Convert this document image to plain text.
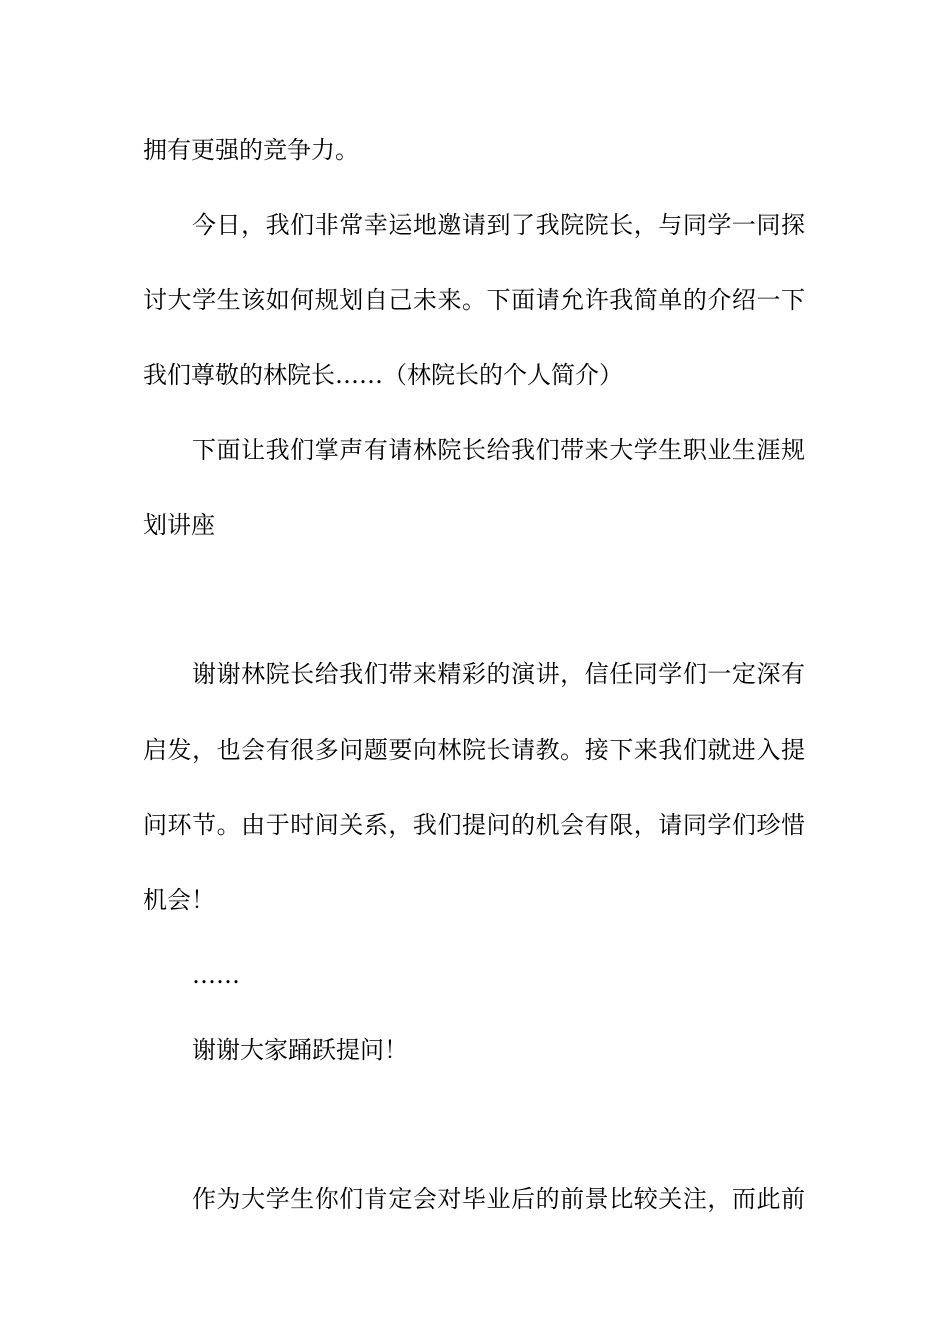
拥有更强的竞争力。
今日，我们非常幸运地邀请到了我院院长，与同学一同探
讨大学生该如何规划自己未来。下面请允许我简单的介绍一下
我们尊敬的林院长……（林院长的个人简介）
下面让我们掌声有请林院长给我们带来大学生职业生涯规
划讲座
谢谢林院长给我们带来精彩的演讲，信任同学们一定深有
启发，也会有很多问题要向林院长请教。接下来我们就进入提
问环节。由于时间关系，我们提问的机会有限，请同学们珍惜
机会！
……
谢谢大家踊跃提问！
作为大学生你们肯定会对毕业后的前景比较关注，而此前
